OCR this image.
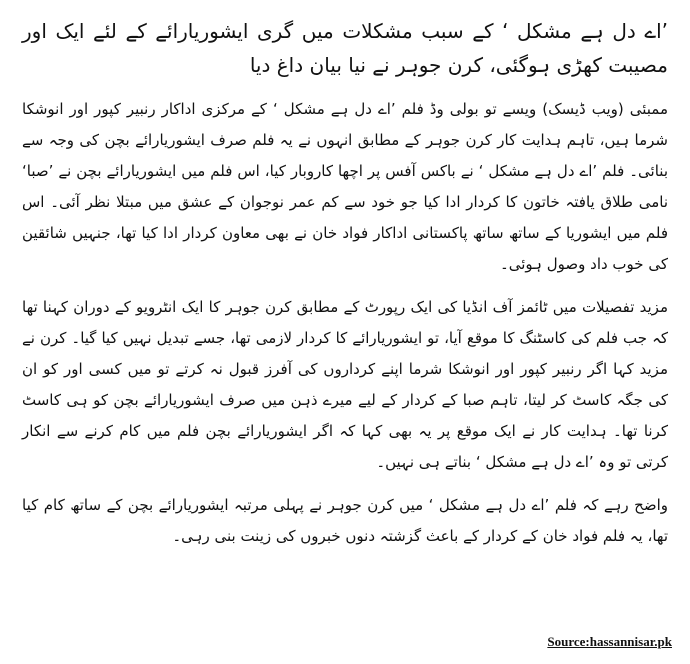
’اے دل ہے مشکل ‘ کے سبب مشکلات میں گری ایشوریارائے کے لئے ایک اور مصیبت کھڑی ہوگئی، کرن جوہر نے نیا بیان داغ دیا

ممبئی (ویب ڈیسک) ویسے تو بولی وڈ فلم ’اے دل ہے مشکل ‘ کے مرکزی اداکار رنبیر کپور اور انوشکا شرما ہیں، تاہم ہدایت کار کرن جوہر کے مطابق انہوں نے یہ فلم صرف ایشوریارائے بچن کی وجہ سے بنائی۔ فلم ’اے دل ہے مشکل ‘ نے باکس آفس پر اچھا کاروبار کیا، اس فلم میں ایشوریارائے بچن نے ’صبا‘ نامی طلاق یافتہ خاتون کا کردار ادا کیا جو خود سے کم عمر نوجوان کے عشق میں مبتلا نظر آئی۔ اس فلم میں ایشوریا کے ساتھ ساتھ پاکستانی اداکار فواد خان نے بھی معاون کردار ادا کیا تھا، جنہیں شائقین کی خوب داد وصول ہوئی۔

مزید تفصیلات میں ٹائمز آف انڈیا کی ایک رپورٹ کے مطابق کرن جوہر کا ایک انٹرویو کے دوران کہنا تھا کہ جب فلم کی کاسٹنگ کا موقع آیا، تو ایشوریارائے کا کردار لازمی تھا، جسے تبدیل نہیں کیا گیا۔ کرن نے مزید کہا اگر رنبیر کپور اور انوشکا شرما اپنے کرداروں کی آفرز قبول نہ کرتے تو میں کسی اور کو ان کی جگہ کاسٹ کر لیتا، تاہم صبا کے کردار کے لیے میرے ذہن میں صرف ایشوریارائے بچن کو ہی کاسٹ کرنا تھا۔ ہدایت کار نے ایک موقع پر یہ بھی کہا کہ اگر ایشوریارائے بچن فلم میں کام کرنے سے انکار کرتی تو وہ ’اے دل ہے مشکل ‘ بناتے ہی نہیں۔

واضح رہے کہ فلم ’اے دل ہے مشکل ‘ میں کرن جوہر نے پہلی مرتبہ ایشوریارائے بچن کے ساتھ کام کیا تھا، یہ فلم فواد خان کے کردار کے باعث گزشتہ دنوں خبروں کی زینت بنی رہی۔

Source:hassannisar.pk
